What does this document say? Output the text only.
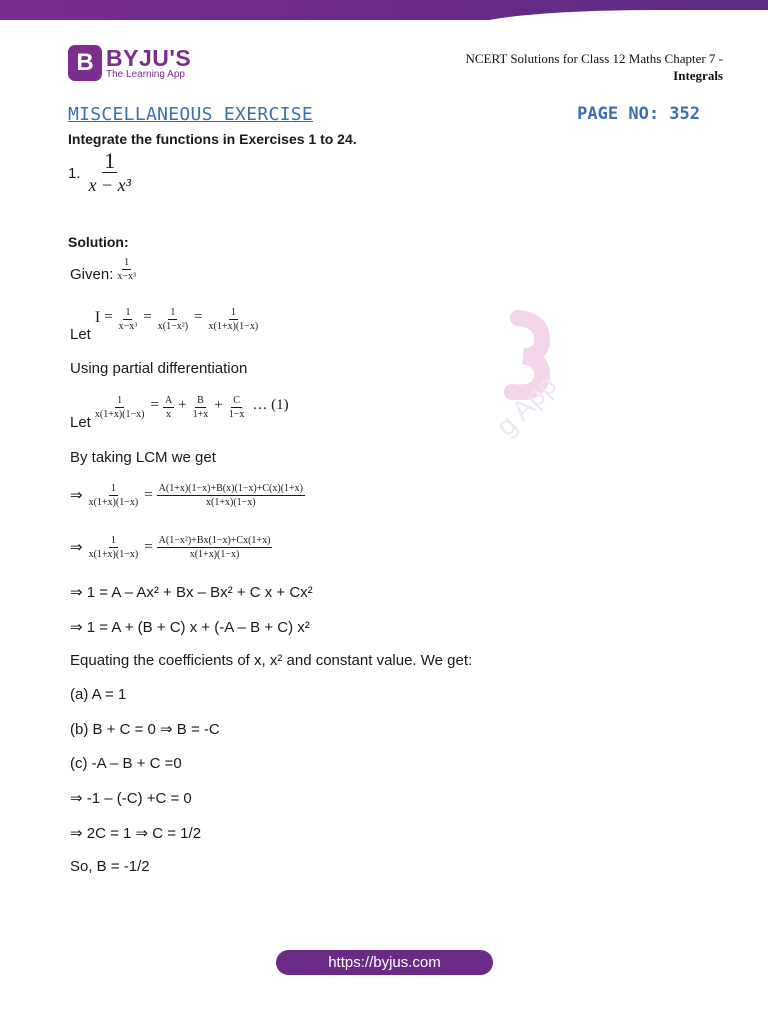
B BYJU'S
The Learning App
NCERT Solutions for Class 12 Maths Chapter 7 -
Integrals
MISCELLANEOUS EXERCISE	PAGE NO: 352
Integrate the functions in Exercises 1 to 24.
1. $\frac{1}{\text{x − x³}}$
Solution:
Given: $\frac{1}{\text{x−x³}}$
Let
$I = \frac{1}{\text{x−x³}} = \frac{1}{\text{x(1−x²)}} = \frac{1}{x(1+x)(1-x)}$
Using partial differentiation
Let
$\frac{1}{x(1+x)(1-x)} = \frac{A}{x} + \frac{B}{1+x} + \frac{C}{1-x}$ … (1)
By taking LCM we get
⇒ $\frac{1}{x(1+x)(1-x)} = \frac{A(1+x)(1-x)+B(x)(1-x)+C(x)(1+x)}{x(1+x)(1-x)}$
⇒ $\frac{1}{x(1+x)(1-x)} = \frac{\text{A(1−x²)+Bx(1−x)+Cx(1+x)}}{x(1+x)(1-x)}$
⇒ 1 = A – Ax² + Bx – Bx² + C x + Cx²
⇒ 1 = A + (B + C) x + (-A – B + C) x²
Equating the coefficients of x, x² and constant value. We get:
(a) A = 1
(b) B + C = 0 ⇒ B = -C
(c) -A – B + C =0
⇒ -1 – (-C) +C = 0
⇒ 2C = 1 ⇒ C = 1/2
So, B = -1/2
g App
https://byjus.com
